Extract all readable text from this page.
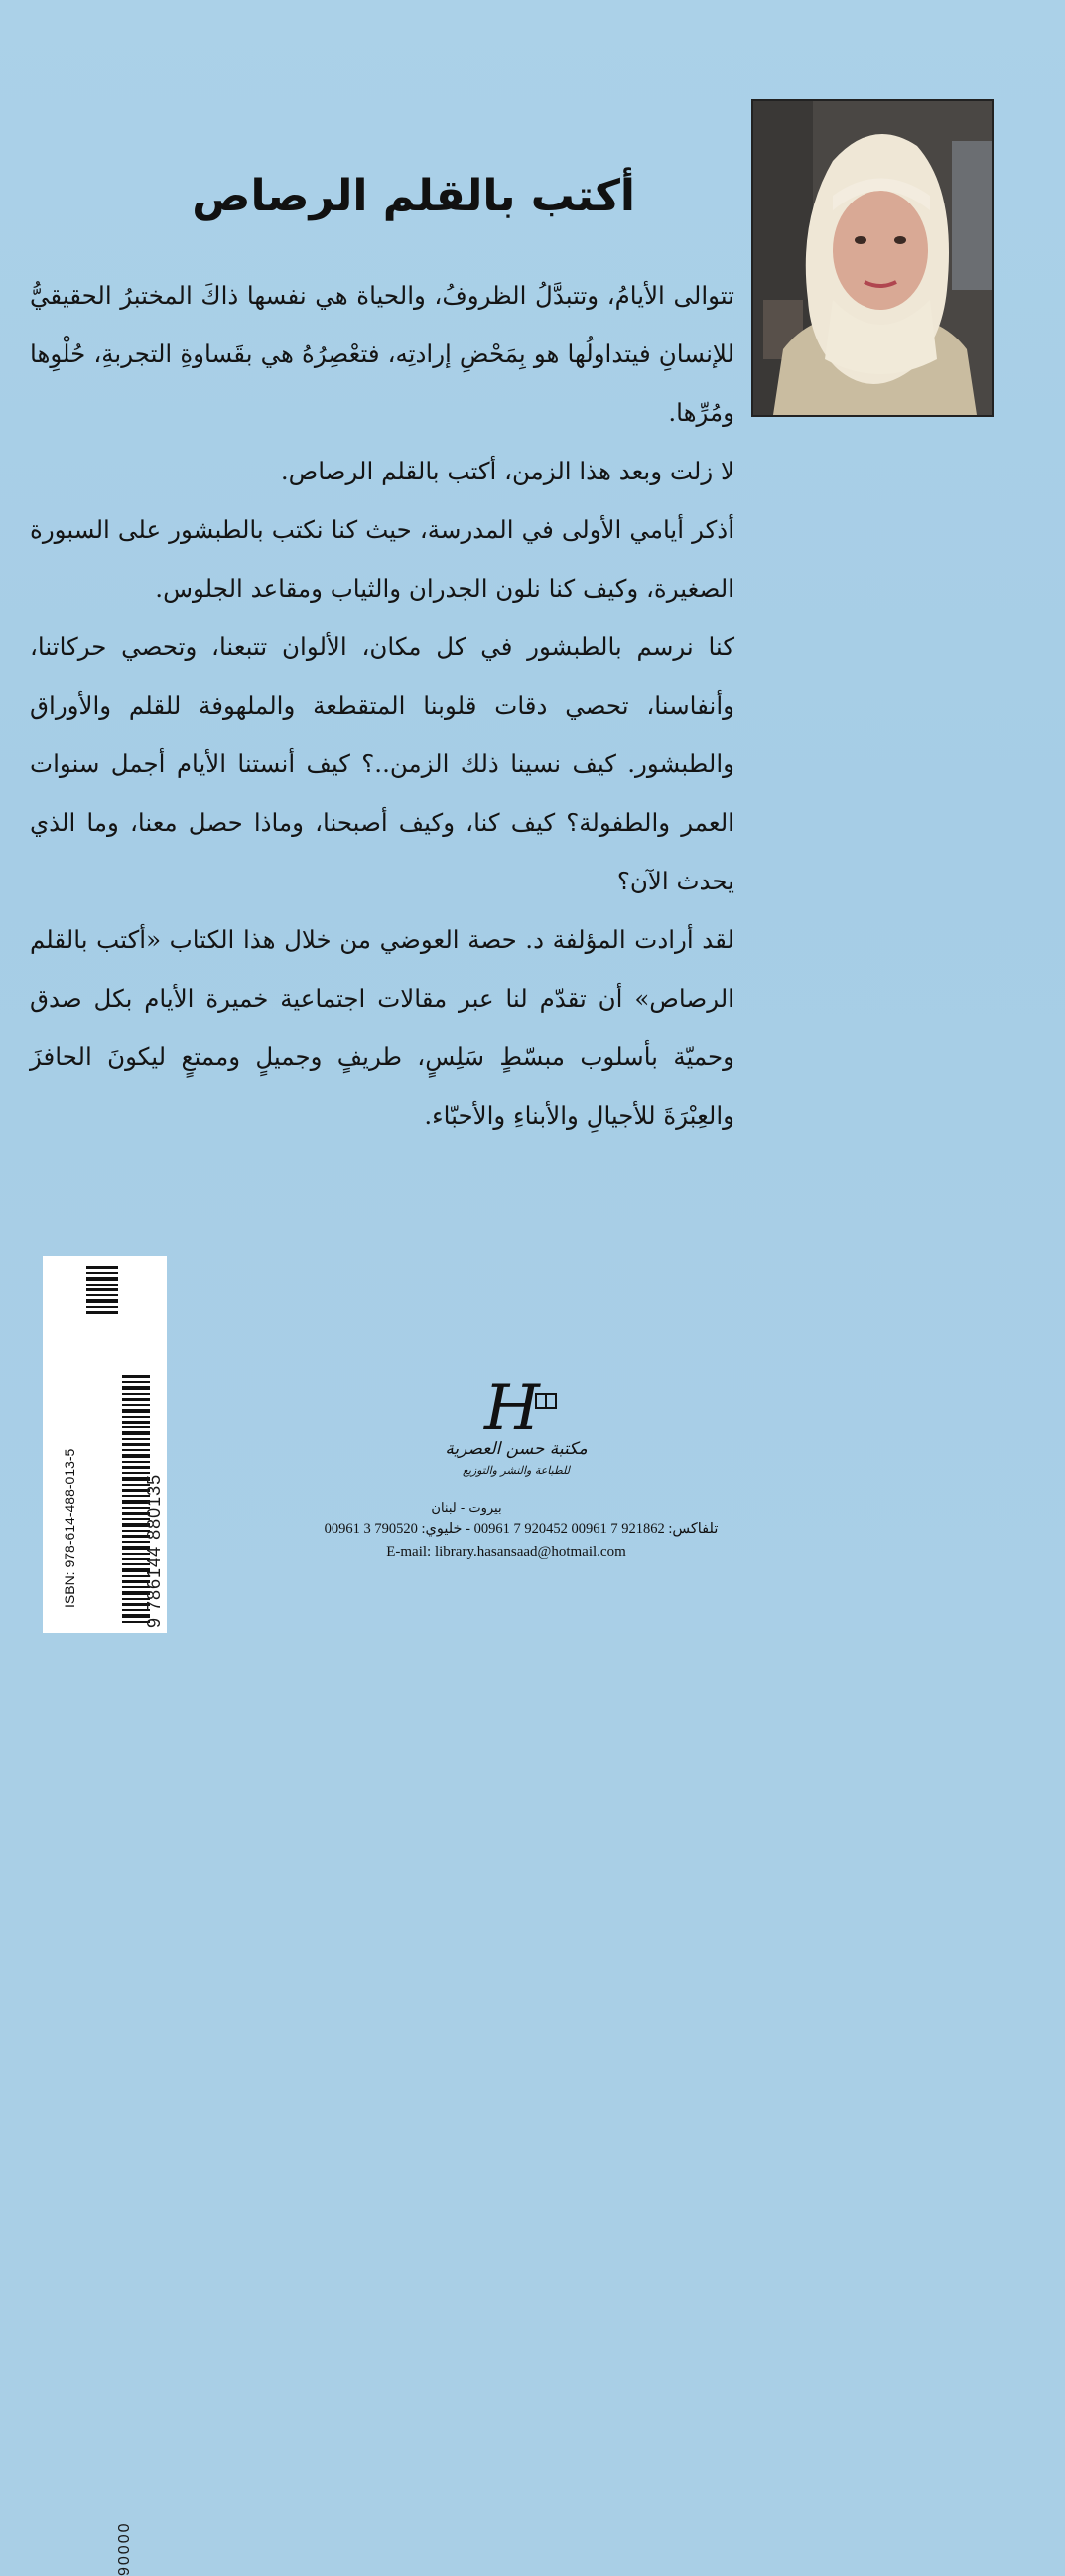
أكتب بالقلم الرصاص

تتوالى الأيامُ، وتتبدَّلُ الظروفُ، والحياة هي نفسها ذاكَ المختبرُ الحقيقيُّ للإنسانِ فيتداولُها هو بِمَحْضِ إرادتِه، فتعْصِرُهُ هي بقَساوةِ التجربةِ، حُلْوِها ومُرِّها.

لا زلت وبعد هذا الزمن، أكتب بالقلم الرصاص.

أذكر أيامي الأولى في المدرسة، حيث كنا نكتب بالطبشور على السبورة الصغيرة، وكيف كنا نلون الجدران والثياب ومقاعد الجلوس.

كنا نرسم بالطبشور في كل مكان، الألوان تتبعنا، وتحصي حركاتنا، وأنفاسنا، تحصي دقات قلوبنا المتقطعة والملهوفة للقلم والأوراق والطبشور. كيف نسينا ذلك الزمن..؟ كيف أنستنا الأيام أجمل سنوات العمر والطفولة؟ كيف كنا، وكيف أصبحنا، وماذا حصل معنا، وما الذي يحدث الآن؟

لقد أرادت المؤلفة د. حصة العوضي من خلال هذا الكتاب «أكتب بالقلم الرصاص» أن تقدّم لنا عبر مقالات اجتماعية خميرة الأيام بكل صدق وحميّة بأسلوب مبسّطٍ سَلِسٍ، طريفٍ وجميلٍ وممتعٍ ليكونَ الحافزَ والعِبْرَةَ للأجيالِ والأبناءِ والأحبّاء.

90000
ISBN: 978-614-488-013-5	9 786144 880135
H
مكتبة حسن العصرية
للطباعة والنشر والتوزيع
بيروت - لبنان
تلفاكس: 921862 7 00961 920452 7 00961 - خليوي: 790520 3 00961
E-mail: library.hasansaad@hotmail.com
